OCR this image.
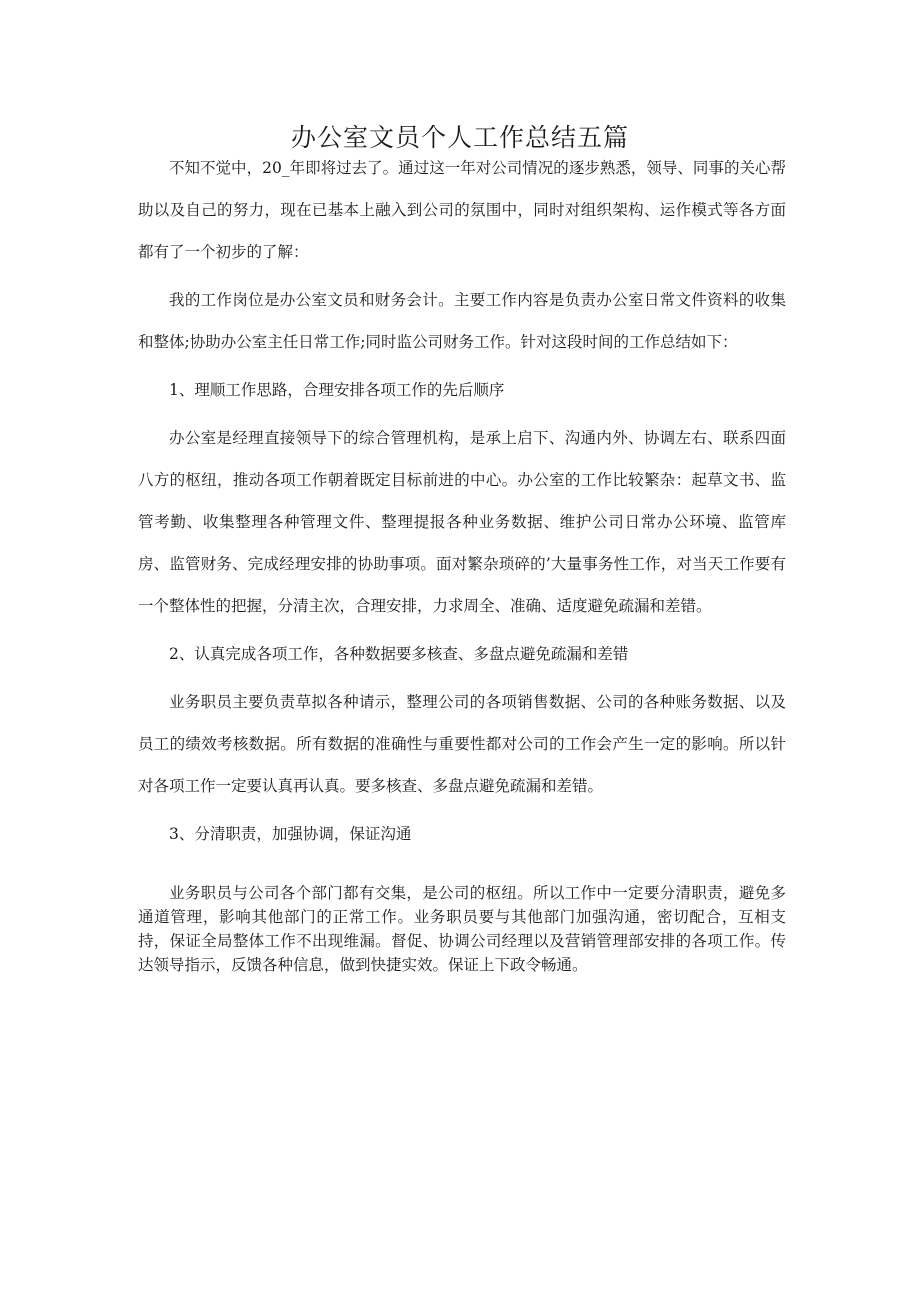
办公室文员个人工作总结五篇

不知不觉中，20_年即将过去了。通过这一年对公司情况的逐步熟悉，领导、同事的关心帮助以及自己的努力，现在已基本上融入到公司的氛围中，同时对组织架构、运作模式等各方面都有了一个初步的了解：

我的工作岗位是办公室文员和财务会计。主要工作内容是负责办公室日常文件资料的收集和整体;协助办公室主任日常工作;同时监公司财务工作。针对这段时间的工作总结如下：

1、理顺工作思路，合理安排各项工作的先后顺序

办公室是经理直接领导下的综合管理机构，是承上启下、沟通内外、协调左右、联系四面八方的枢纽，推动各项工作朝着既定目标前进的中心。办公室的工作比较繁杂：起草文书、监管考勤、收集整理各种管理文件、整理提报各种业务数据、维护公司日常办公环境、监管库房、监管财务、完成经理安排的协助事项。面对繁杂琐碎的’大量事务性工作，对当天工作要有一个整体性的把握，分清主次，合理安排，力求周全、准确、适度避免疏漏和差错。

2、认真完成各项工作，各种数据要多核查、多盘点避免疏漏和差错

业务职员主要负责草拟各种请示，整理公司的各项销售数据、公司的各种账务数据、以及员工的绩效考核数据。所有数据的准确性与重要性都对公司的工作会产生一定的影响。所以针对各项工作一定要认真再认真。要多核查、多盘点避免疏漏和差错。

3、分清职责，加强协调，保证沟通

业务职员与公司各个部门都有交集，是公司的枢纽。所以工作中一定要分清职责，避免多通道管理，影响其他部门的正常工作。业务职员要与其他部门加强沟通，密切配合，互相支持，保证全局整体工作不出现维漏。督促、协调公司经理以及营销管理部安排的各项工作。传达领导指示，反馈各种信息，做到快捷实效。保证上下政令畅通。
